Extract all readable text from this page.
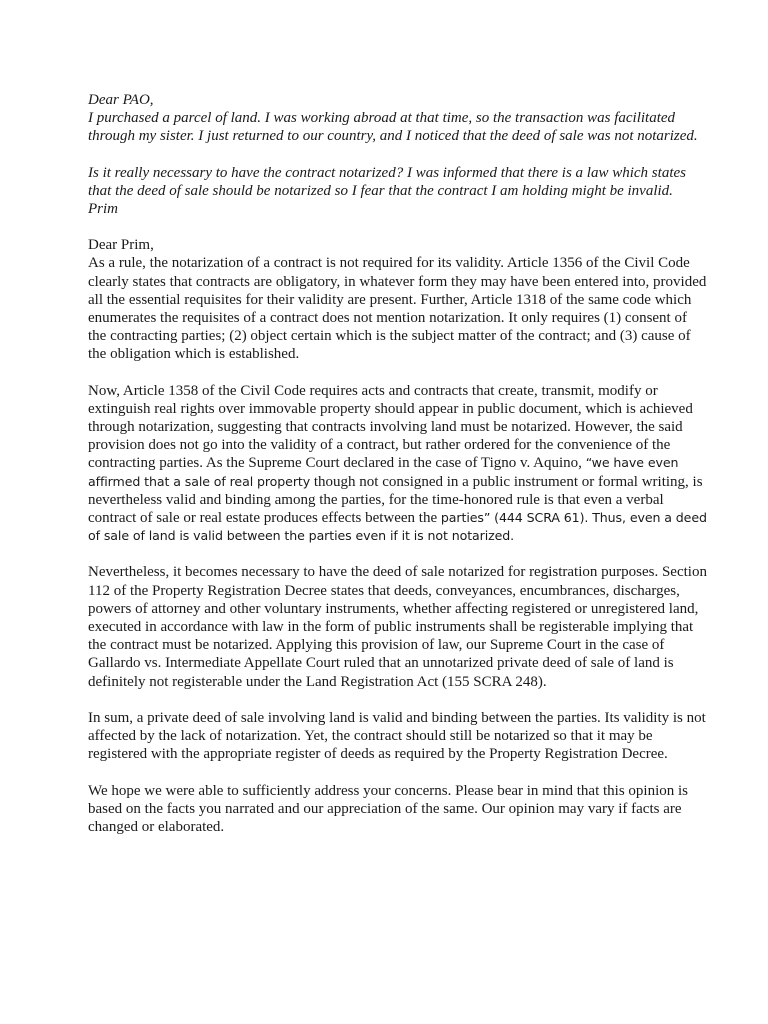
Dear PAO,

I purchased a parcel of land. I was working abroad at that time, so the transaction was facilitated through my sister. I just returned to our country, and I noticed that the deed of sale was not notarized.

Is it really necessary to have the contract notarized? I was informed that there is a law which states that the deed of sale should be notarized so I fear that the contract I am holding might be invalid.

Prim

Dear Prim,

As a rule, the notarization of a contract is not required for its validity. Article 1356 of the Civil Code clearly states that contracts are obligatory, in whatever form they may have been entered into, provided all the essential requisites for their validity are present. Further, Article 1318 of the same code which enumerates the requisites of a contract does not mention notarization. It only requires (1) consent of the contracting parties; (2) object certain which is the subject matter of the contract; and (3) cause of the obligation which is established.

Now, Article 1358 of the Civil Code requires acts and contracts that create, transmit, modify or extinguish real rights over immovable property should appear in public document, which is achieved through notarization, suggesting that contracts involving land must be notarized. However, the said provision does not go into the validity of a contract, but rather ordered for the convenience of the contracting parties. As the Supreme Court declared in the case of Tigno v. Aquino, “we have even affirmed that a sale of real property though not consigned in a public instrument or formal writing, is nevertheless valid and binding among the parties, for the time-honored rule is that even a verbal contract of sale or real estate produces effects between the parties” (444 SCRA 61). Thus, even a deed of sale of land is valid between the parties even if it is not notarized.

Nevertheless, it becomes necessary to have the deed of sale notarized for registration purposes. Section 112 of the Property Registration Decree states that deeds, conveyances, encumbrances, discharges, powers of attorney and other voluntary instruments, whether affecting registered or unregistered land, executed in accordance with law in the form of public instruments shall be registerable implying that the contract must be notarized. Applying this provision of law, our Supreme Court in the case of Gallardo vs. Intermediate Appellate Court ruled that an unnotarized private deed of sale of land is definitely not registerable under the Land Registration Act (155 SCRA 248).

In sum, a private deed of sale involving land is valid and binding between the parties. Its validity is not affected by the lack of notarization. Yet, the contract should still be notarized so that it may be registered with the appropriate register of deeds as required by the Property Registration Decree.

We hope we were able to sufficiently address your concerns. Please bear in mind that this opinion is based on the facts you narrated and our appreciation of the same. Our opinion may vary if facts are changed or elaborated.
